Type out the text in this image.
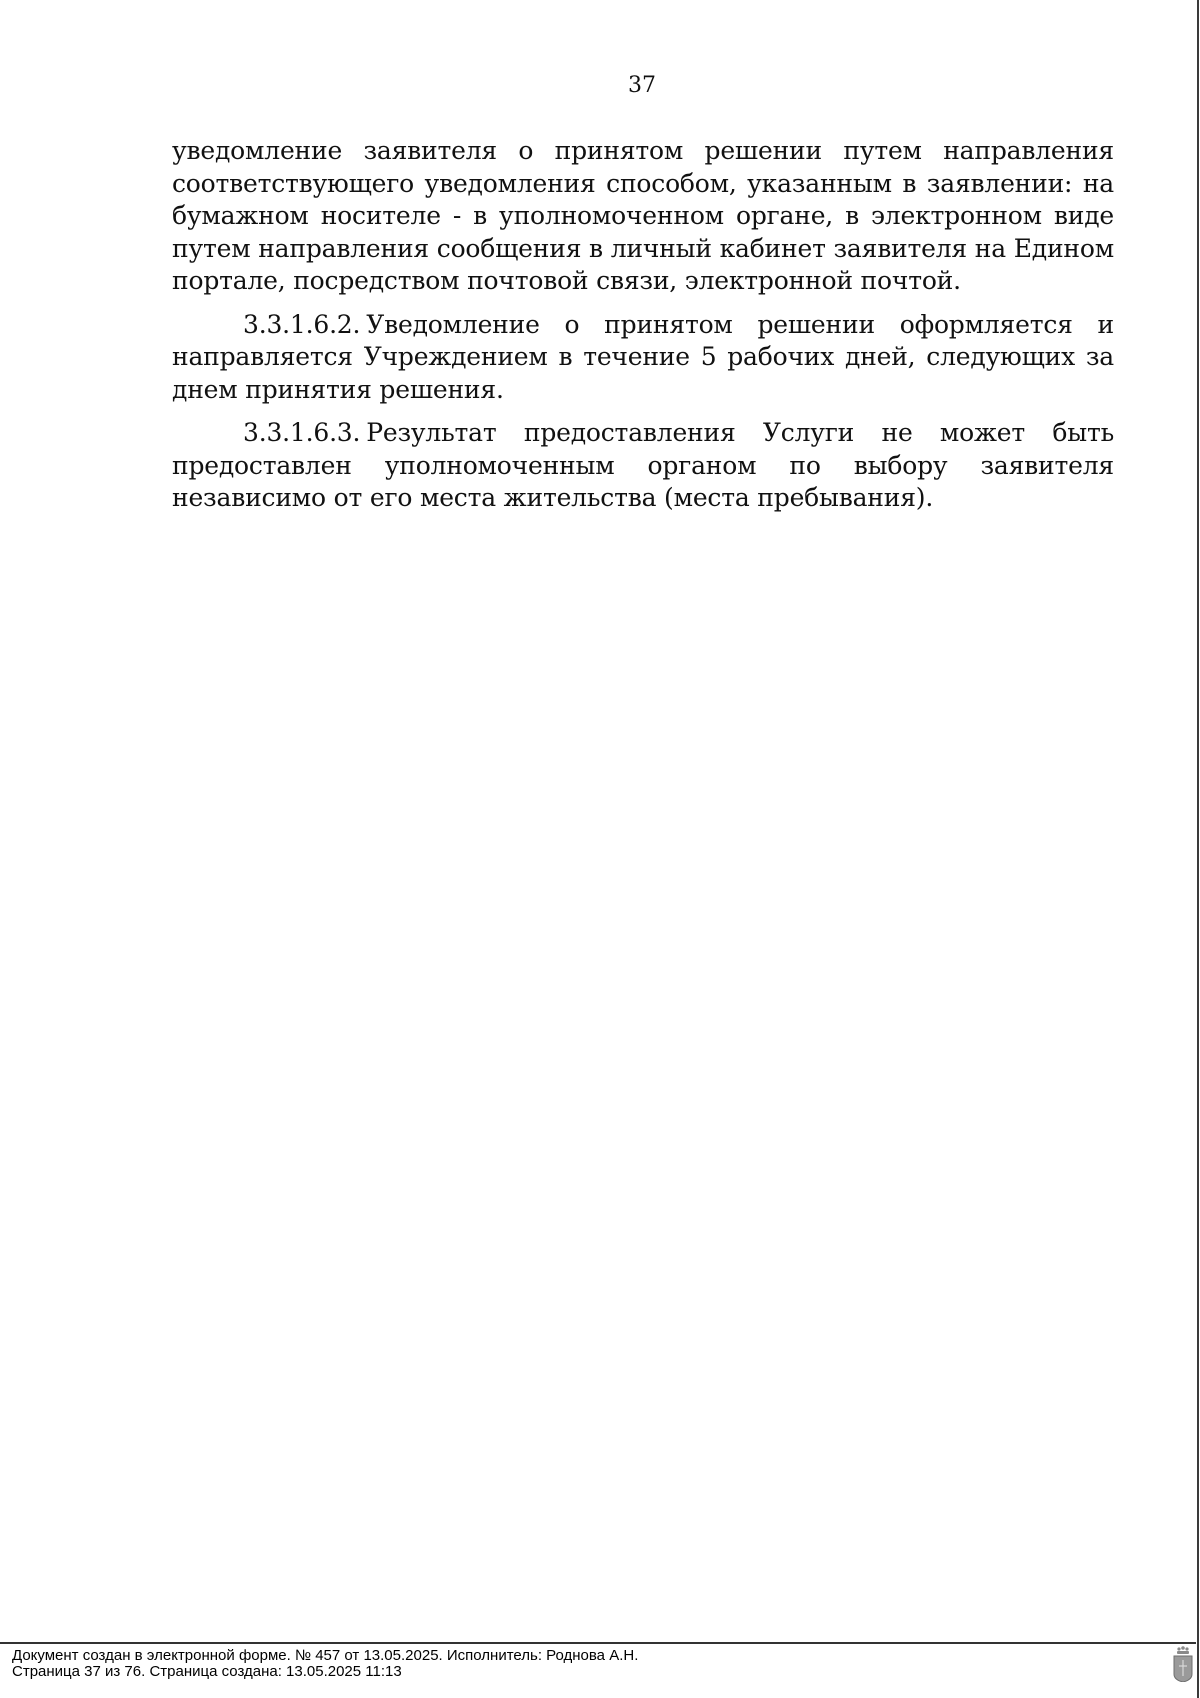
37

уведомление заявителя о принятом решении путем направления соответствующего уведомления способом, указанным в заявлении: на бумажном носителе - в уполномоченном органе, в электронном виде путем направления сообщения в личный кабинет заявителя на Едином портале, посредством почтовой связи, электронной почтой.

3.3.1.6.2. Уведомление о принятом решении оформляется и направляется Учреждением в течение 5 рабочих дней, следующих за днем принятия решения.

3.3.1.6.3. Результат предоставления Услуги не может быть предоставлен уполномоченным органом по выбору заявителя независимо от его места жительства (места пребывания).

Документ создан в электронной форме. № 457 от 13.05.2025. Исполнитель: Роднова А.Н.
Страница 37 из 76. Страница создана: 13.05.2025 11:13
